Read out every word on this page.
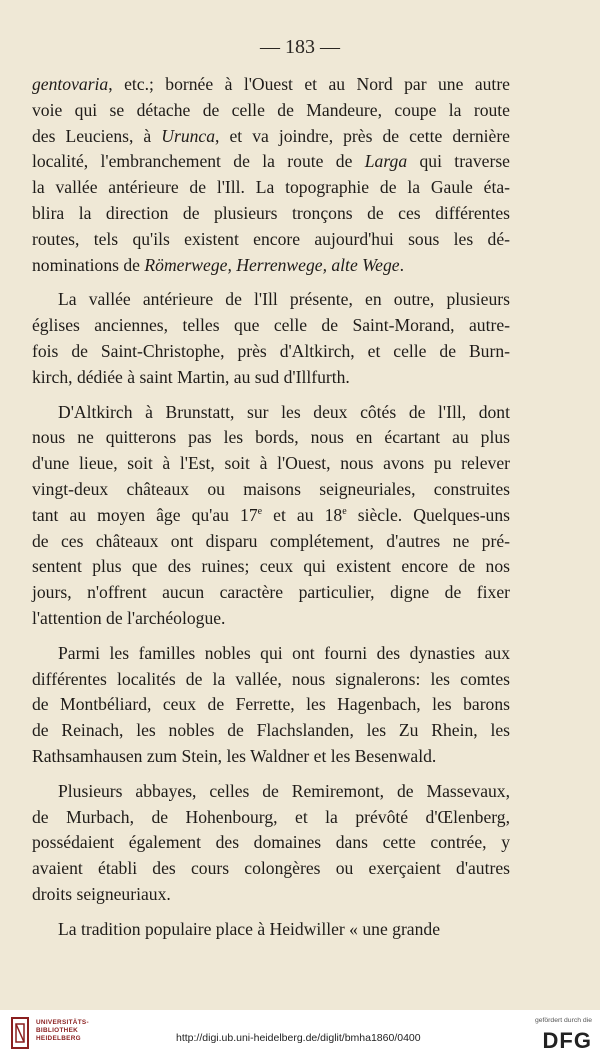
— 183 —
gentovaria, etc.; bornée à l'Ouest et au Nord par une autre
voie qui se détache de celle de Mandeure, coupe la route
des Leuciens, à Urunca, et va joindre, près de cette dernière
localité, l'embranchement de la route de Larga qui traverse
la vallée antérieure de l'Ill. La topographie de la Gaule éta-
blira la direction de plusieurs tronçons de ces différentes
routes, tels qu'ils existent encore aujourd'hui sous les dé-
nominations de Römerwege, Herrenwege, alte Wege.
La vallée antérieure de l'Ill présente, en outre, plusieurs
églises anciennes, telles que celle de Saint-Morand, autre-
fois de Saint-Christophe, près d'Altkirch, et celle de Burn-
kirch, dédiée à saint Martin, au sud d'Illfurth.
D'Altkirch à Brunstatt, sur les deux côtés de l'Ill, dont
nous ne quitterons pas les bords, nous en écartant au plus
d'une lieue, soit à l'Est, soit à l'Ouest, nous avons pu relever
vingt-deux châteaux ou maisons seigneuriales, construites
tant au moyen âge qu'au 17e et au 18e siècle. Quelques-uns
de ces châteaux ont disparu complétement, d'autres ne pré-
sentent plus que des ruines; ceux qui existent encore de nos
jours, n'offrent aucun caractère particulier, digne de fixer
l'attention de l'archéologue.
Parmi les familles nobles qui ont fourni des dynasties aux
différentes localités de la vallée, nous signalerons: les comtes
de Montbéliard, ceux de Ferrette, les Hagenbach, les barons
de Reinach, les nobles de Flachslanden, les Zu Rhein, les
Rathsamhausen zum Stein, les Waldner et les Besenwald.
Plusieurs abbayes, celles de Remiremont, de Massevaux,
de Murbach, de Hohenbourg, et la prévôté d'Œlenberg,
possédaient également des domaines dans cette contrée, y
avaient établi des cours colongères ou exerçaient d'autres
droits seigneuriaux.
La tradition populaire place à Heidwiller « une grande
UNIVERSITÄTS-
BIBLIOTHEK
HEIDELBERG	http://digi.ub.uni-heidelberg.de/diglit/bmha1860/0400
gefördert durch die
DFG
